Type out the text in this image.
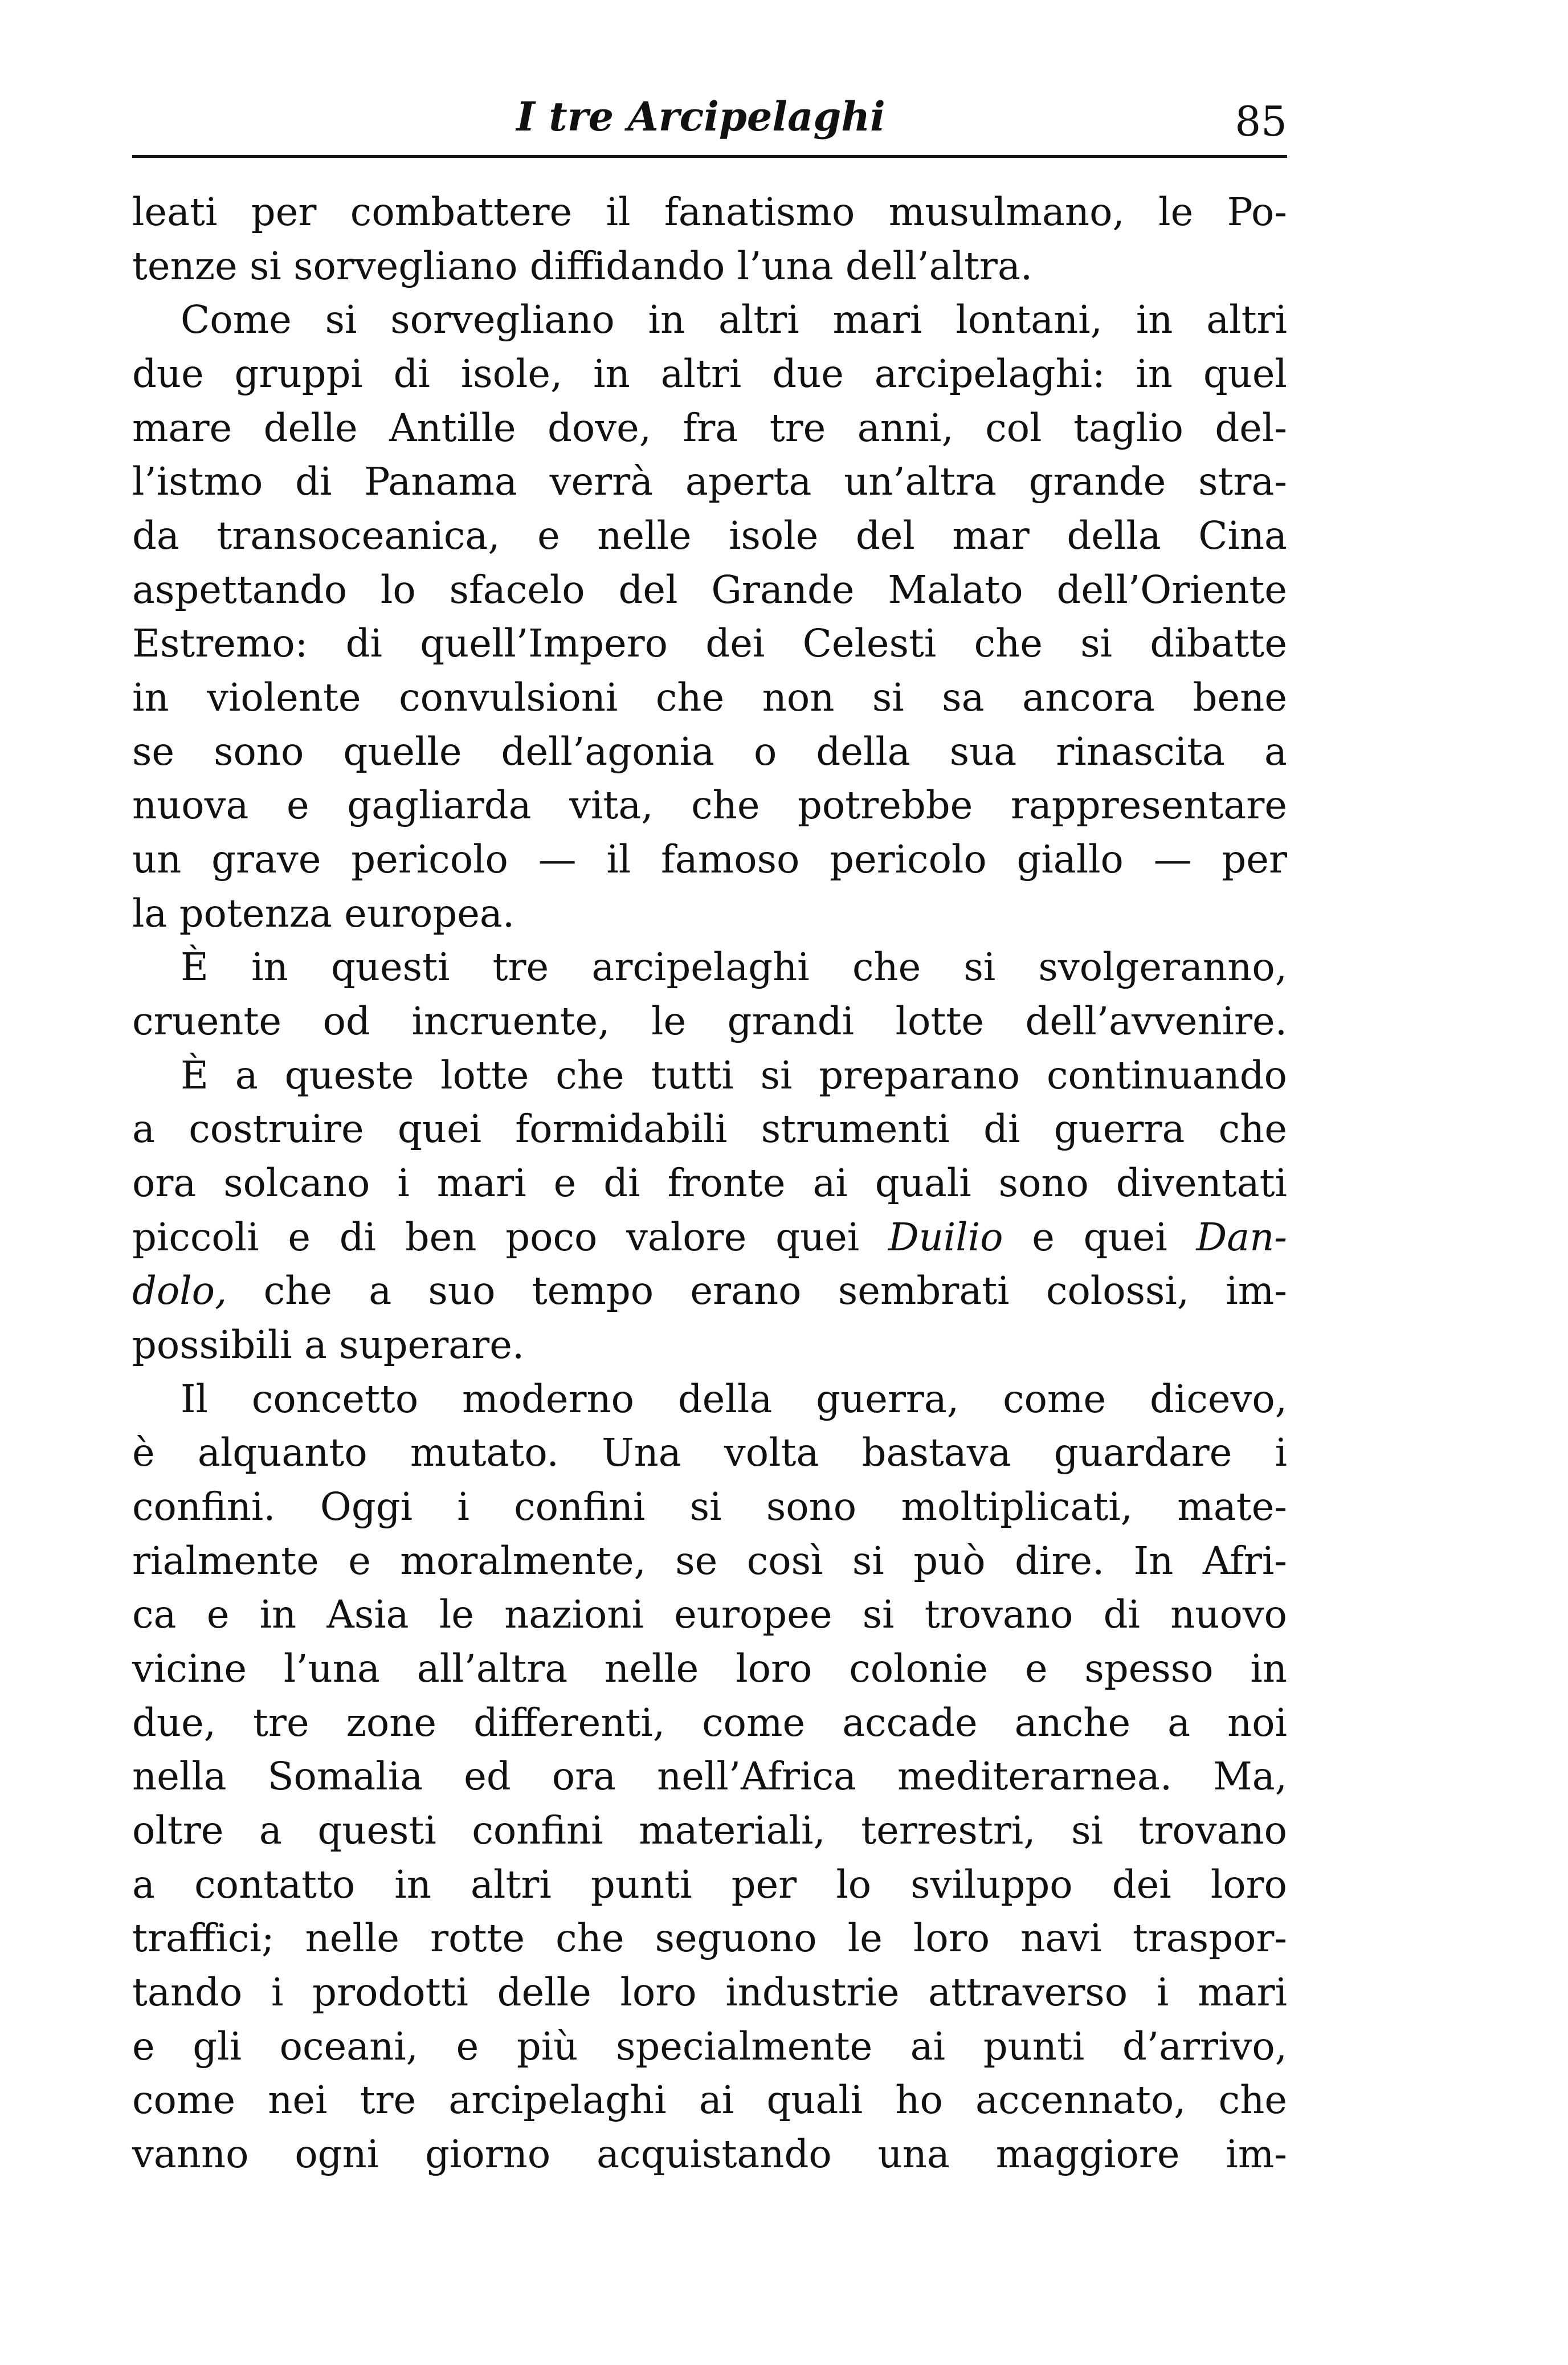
I tre Arcipelaghi	85
leati per combattere il fanatismo musulmano, le Po-
tenze si sorvegliano diffidando l’una dell’altra.
Come si sorvegliano in altri mari lontani, in altri
due gruppi di isole, in altri due arcipelaghi: in quel
mare delle Antille dove, fra tre anni, col taglio del-
l’istmo di Panama verrà aperta un’altra grande stra-
da transoceanica, e nelle isole del mar della Cina
aspettando lo sfacelo del Grande Malato dell’Oriente
Estremo: di quell’Impero dei Celesti che si dibatte
in violente convulsioni che non si sa ancora bene
se sono quelle dell’agonia o della sua rinascita a
nuova e gagliarda vita, che potrebbe rappresentare
un grave pericolo — il famoso pericolo giallo — per
la potenza europea.
È in questi tre arcipelaghi che si svolgeranno,
cruente od incruente, le grandi lotte dell’avvenire.
È a queste lotte che tutti si preparano continuando
a costruire quei formidabili strumenti di guerra che
ora solcano i mari e di fronte ai quali sono diventati
piccoli e di ben poco valore quei Duilio e quei Dan-
dolo, che a suo tempo erano sembrati colossi, im-
possibili a superare.
Il concetto moderno della guerra, come dicevo,
è alquanto mutato. Una volta bastava guardare i
confini. Oggi i confini si sono moltiplicati, mate-
rialmente e moralmente, se così si può dire. In Afri-
ca e in Asia le nazioni europee si trovano di nuovo
vicine l’una all’altra nelle loro colonie e spesso in
due, tre zone differenti, come accade anche a noi
nella Somalia ed ora nell’Africa mediterarnea. Ma,
oltre a questi confini materiali, terrestri, si trovano
a contatto in altri punti per lo sviluppo dei loro
traffici; nelle rotte che seguono le loro navi traspor-
tando i prodotti delle loro industrie attraverso i mari
e gli oceani, e più specialmente ai punti d’arrivo,
come nei tre arcipelaghi ai quali ho accennato, che
vanno ogni giorno acquistando una maggiore im-
